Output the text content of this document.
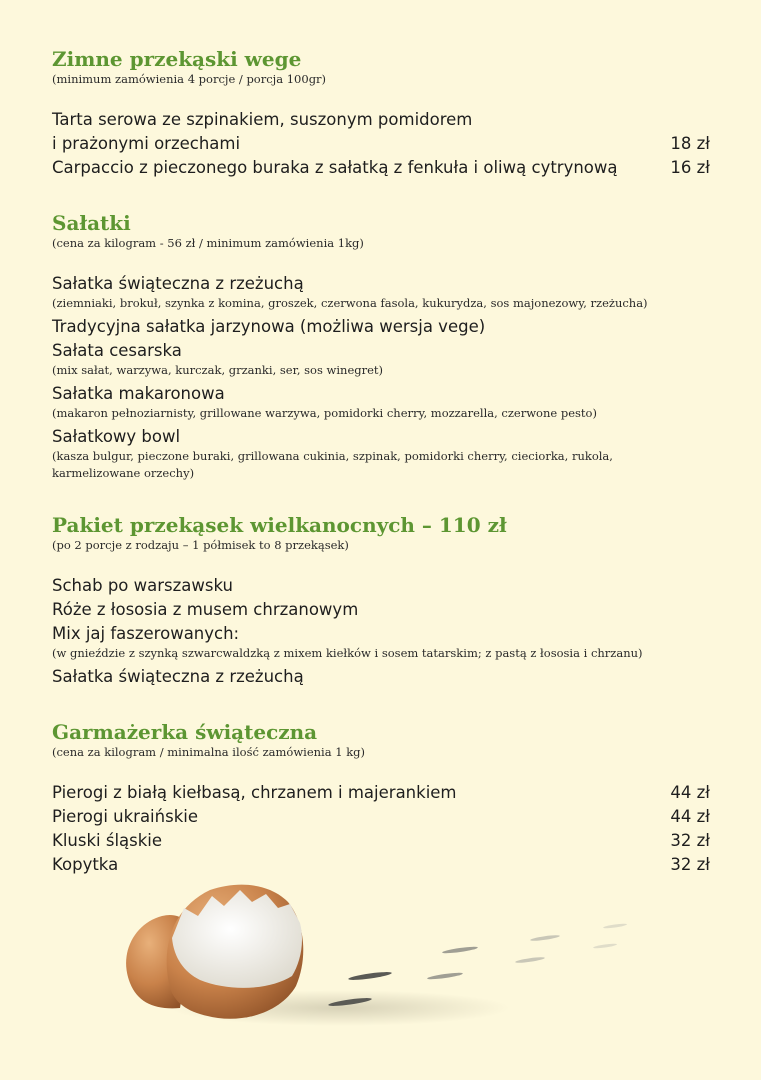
Zimne przekąski wege
(minimum zamówienia 4 porcje / porcja 100gr)
Tarta serowa ze szpinakiem, suszonym pomidorem
i prażonymi orzechami	18 zł
Carpaccio z pieczonego buraka z sałatką z fenkuła i oliwą cytrynową	16 zł
Sałatki
(cena za kilogram - 56 zł / minimum zamówienia 1kg)
Sałatka świąteczna z rzeżuchą
(ziemniaki, brokuł, szynka z komina, groszek, czerwona fasola, kukurydza, sos majonezowy, rzeżucha)
Tradycyjna sałatka jarzynowa (możliwa wersja vege)
Sałata cesarska
(mix sałat, warzywa, kurczak, grzanki, ser, sos winegret)
Sałatka makaronowa
(makaron pełnoziarnisty, grillowane warzywa, pomidorki cherry, mozzarella, czerwone pesto)
Sałatkowy bowl
(kasza bulgur, pieczone buraki, grillowana cukinia, szpinak, pomidorki cherry, cieciorka, rukola, karmelizowane orzechy)
Pakiet przekąsek wielkanocnych – 110 zł
(po 2 porcje z rodzaju – 1 półmisek to 8 przekąsek)
Schab po warszawsku
Róże z łososia z musem chrzanowym
Mix jaj faszerowanych:
(w gnieździe z szynką szwarcwaldzką z mixem kiełków i sosem tatarskim; z pastą z łososia i chrzanu)
Sałatka świąteczna z rzeżuchą
Garmażerka świąteczna
(cena za kilogram / minimalna ilość zamówienia 1 kg)
Pierogi z białą kiełbasą, chrzanem i majerankiem	44 zł
Pierogi ukraińskie	44 zł
Kluski śląskie	32 zł
Kopytka	32 zł
